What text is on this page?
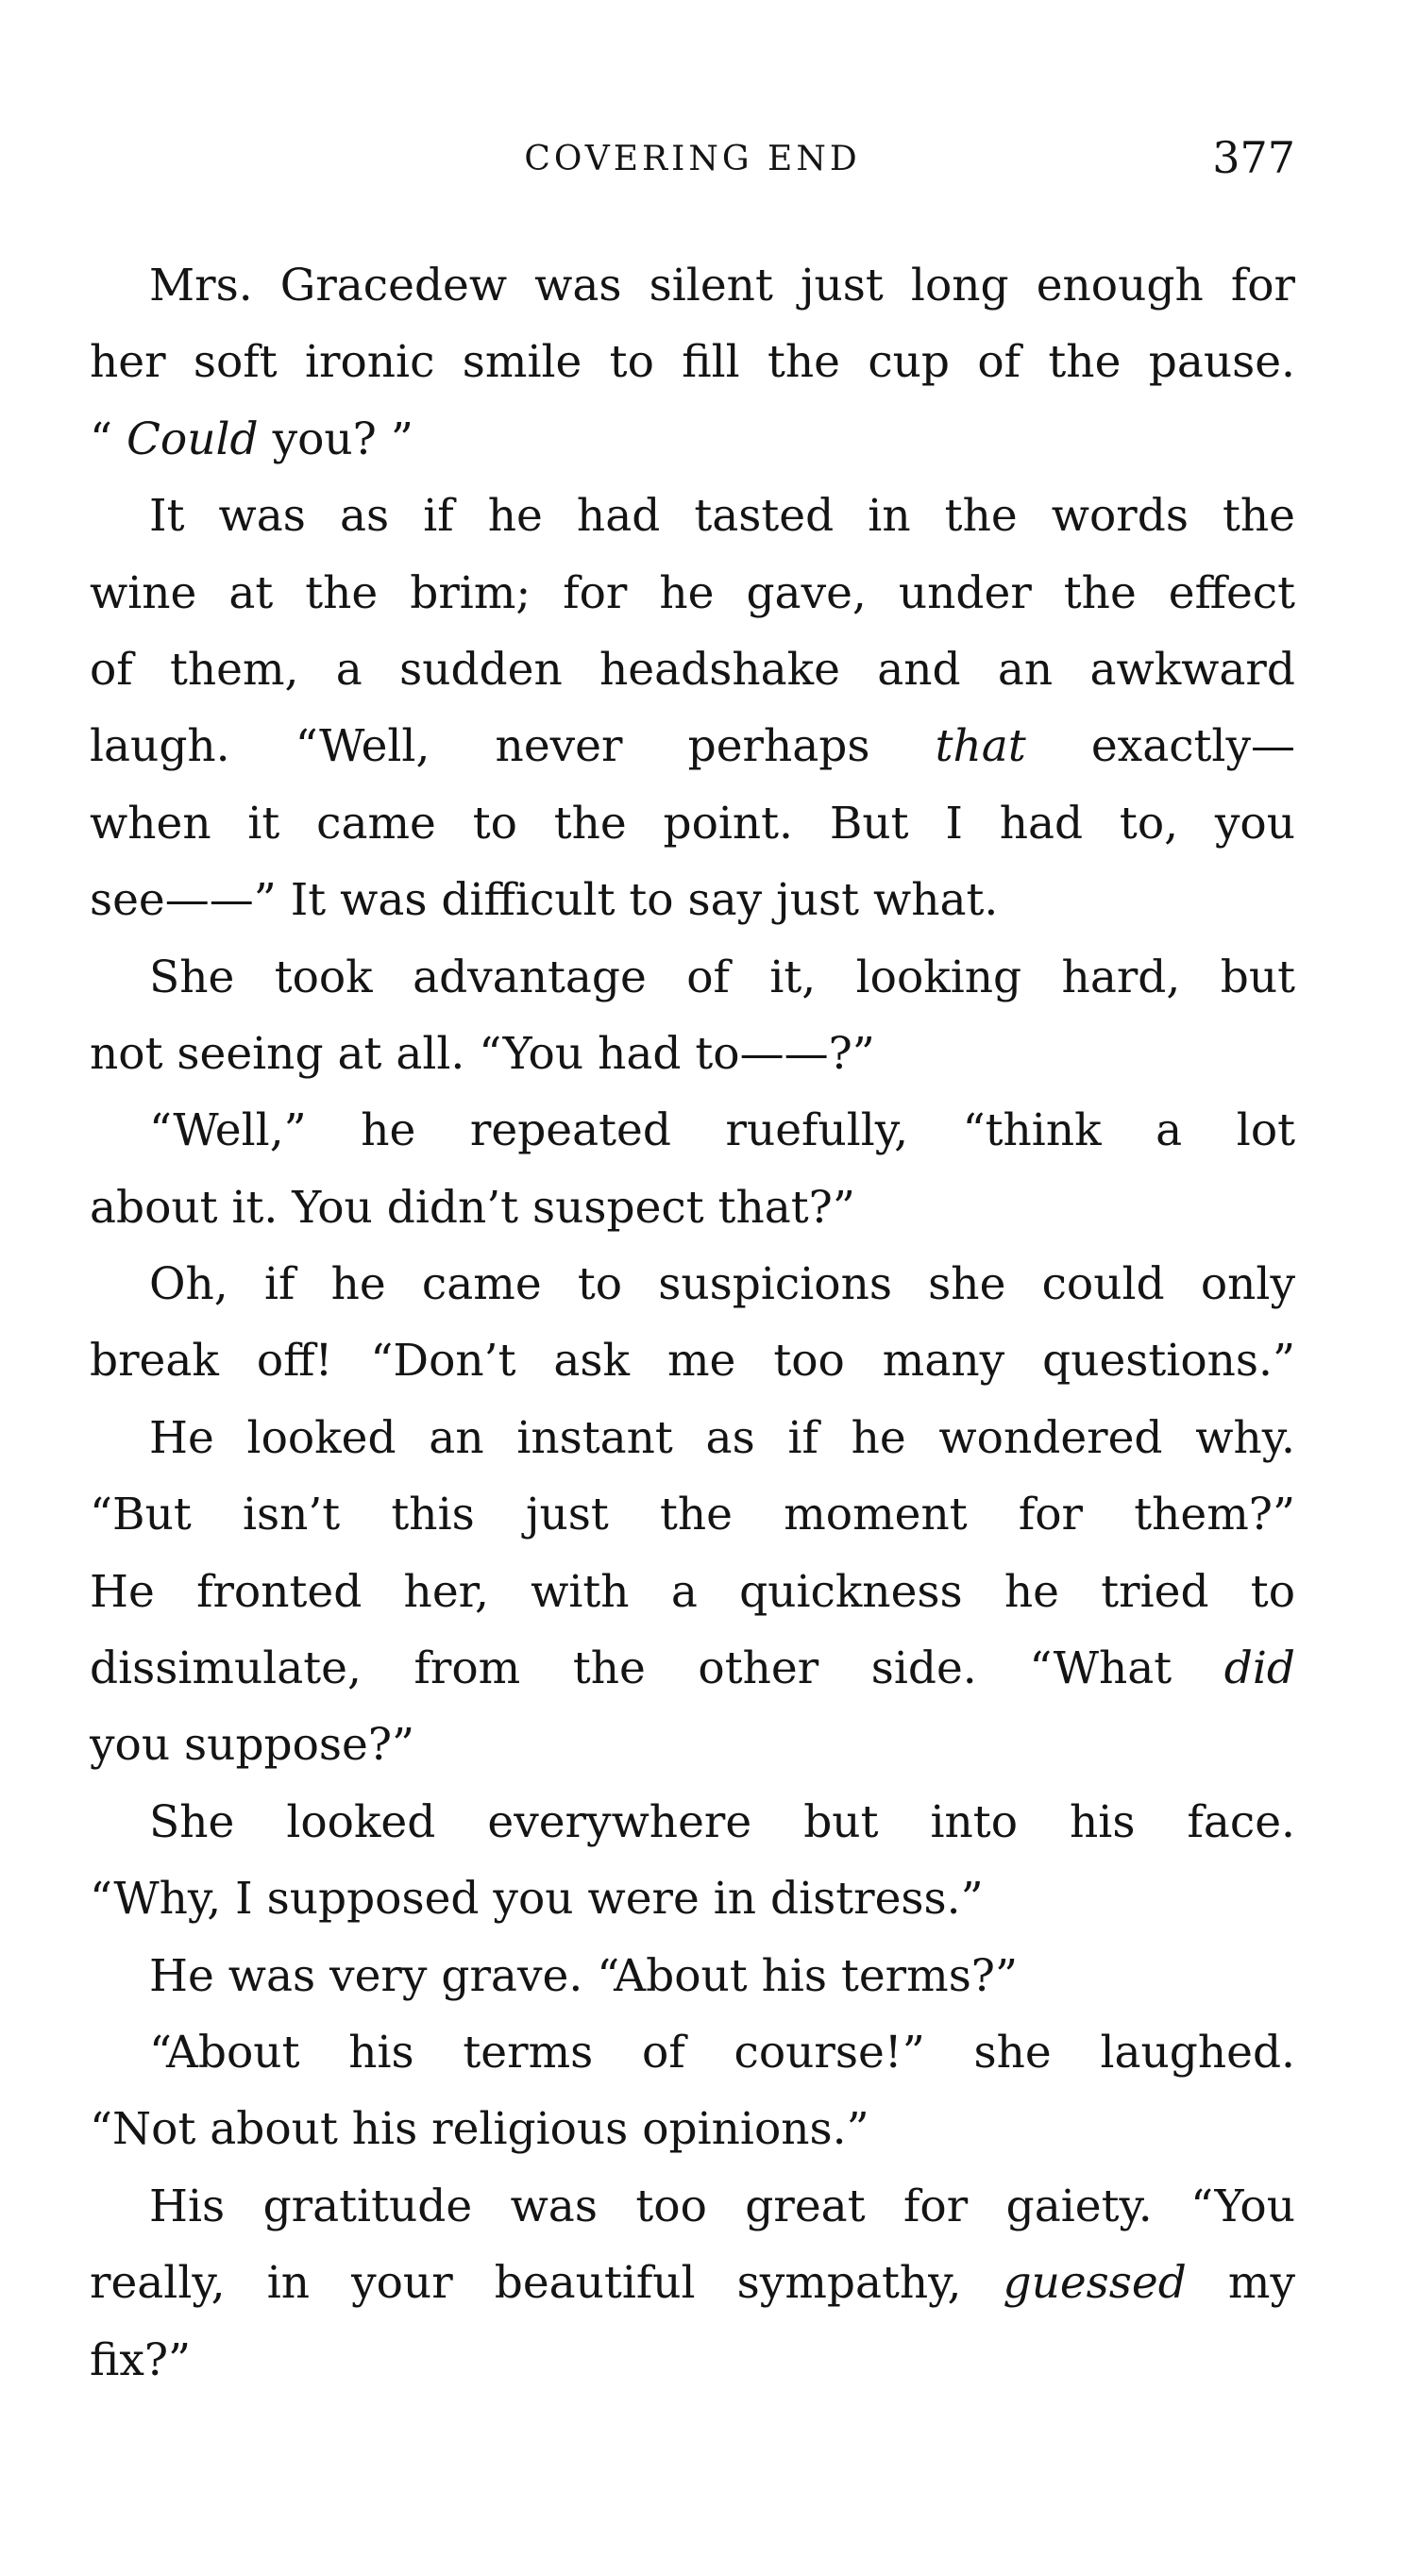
COVERING END	377
Mrs. Gracedew was silent just long enough for
her soft ironic smile to fill the cup of the pause.
“ Could you? ”
It was as if he had tasted in the words the
wine at the brim; for he gave, under the effect
of them, a sudden headshake and an awkward
laugh. “Well, never perhaps that exactly—
when it came to the point. But I had to, you
see——” It was difficult to say just what.
She took advantage of it, looking hard, but
not seeing at all. “You had to——?”
“Well,” he repeated ruefully, “think a lot
about it. You didn’t suspect that?”
Oh, if he came to suspicions she could only
break off! “Don’t ask me too many questions.”
He looked an instant as if he wondered why.
“But isn’t this just the moment for them?”
He fronted her, with a quickness he tried to
dissimulate, from the other side. “What did
you suppose?”
She looked everywhere but into his face.
“Why, I supposed you were in distress.”
He was very grave. “About his terms?”
“About his terms of course!” she laughed.
“Not about his religious opinions.”
His gratitude was too great for gaiety. “You
really, in your beautiful sympathy, guessed my
fix?”
